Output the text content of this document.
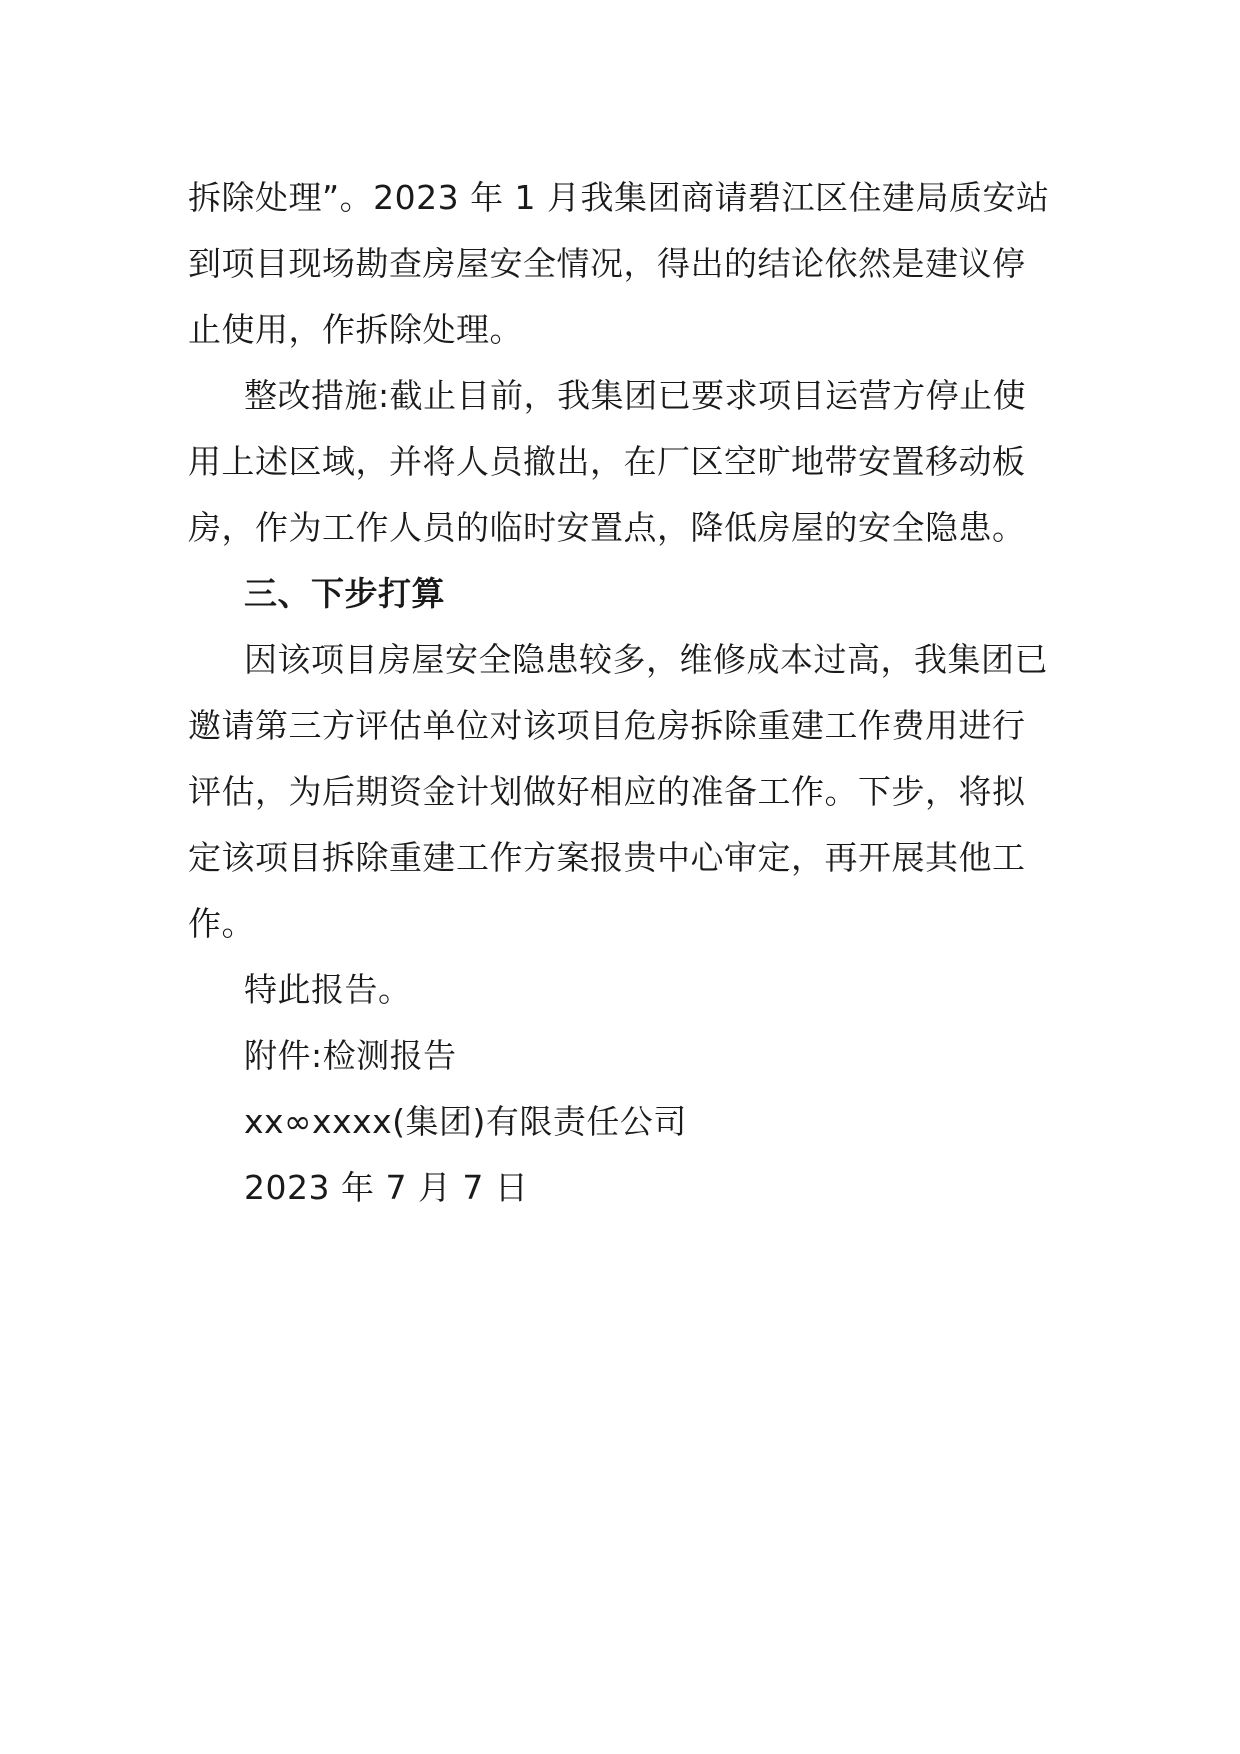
拆除处理”。2023 年 1 月我集团商请碧江区住建局质安站
到项目现场勘查房屋安全情况，得出的结论依然是建议停
止使用，作拆除处理。
整改措施:截止目前，我集团已要求项目运营方停止使
用上述区域，并将人员撤出，在厂区空旷地带安置移动板
房，作为工作人员的临时安置点，降低房屋的安全隐患。
三、下步打算
因该项目房屋安全隐患较多，维修成本过高，我集团已
邀请第三方评估单位对该项目危房拆除重建工作费用进行
评估，为后期资金计划做好相应的准备工作。下步，将拟
定该项目拆除重建工作方案报贵中心审定，再开展其他工
作。
特此报告。
附件:检测报告
xx∞xxxx(集团)有限责任公司
2023 年 7 月 7 日
